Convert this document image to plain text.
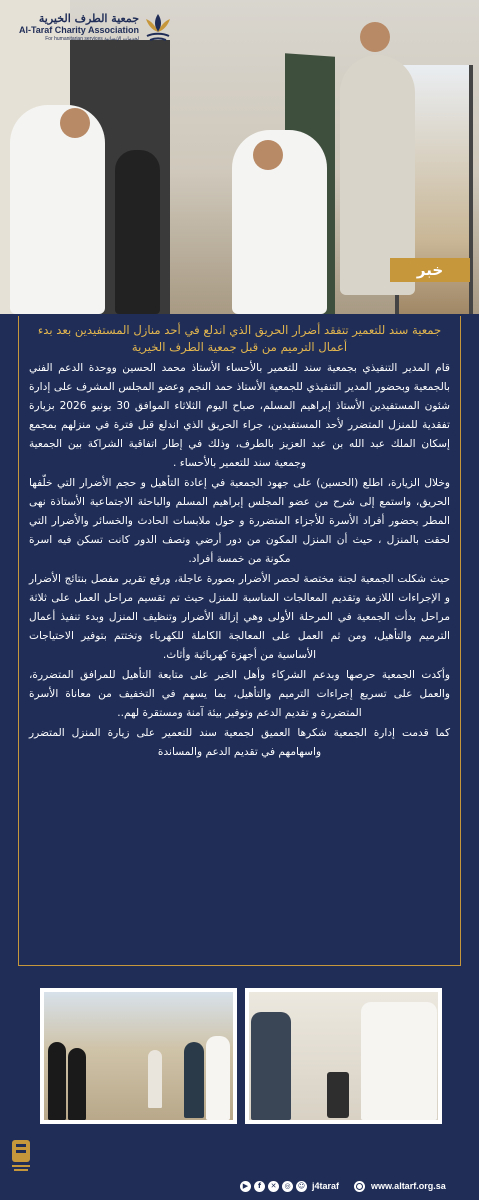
جمعية الطرف الخيرية
Al-Taraf Charity Association
For humanitarian services لخدمات الإنسانية
خبر
جمعية سند للتعمير تتفقد أضرار الحريق الذي اندلع في أحد منازل المستفيدين بعد بدء أعمال الترميم من قبل جمعية الطرف الخيرية

قام المدير التنفيذي بجمعية سند للتعمير بالأحساء الأستاذ محمد الحسين ووحدة الدعم الفني بالجمعية وبحضور المدير التنفيذي للجمعية الأستاذ حمد النجم وعضو المجلس المشرف على إدارة شئون المستفيدين الأستاذ إبراهيم المسلم، صباح اليوم الثلاثاء الموافق 30 يونيو 2026 بزيارة تفقدية للمنزل المتضرر لأحد المستفيدين، جراء الحريق الذي اندلع قبل فترة في منزلهم بمجمع إسكان الملك عبد الله بن عبد العزيز بالطرف، وذلك في إطار اتفاقية الشراكة بين الجمعية وجمعية سند للتعمير بالأحساء .

وخلال الزيارة، اطلع (الحسين) على جهود الجمعية في إعادة التأهيل و حجم الأضرار التي خلّفها الحريق، واستمع إلى شرح من عضو المجلس إبراهيم المسلم والباحثة الاجتماعية الأستاذة نهى المطر بحضور أفراد الأسرة للأجزاء المتضررة و حول ملابسات الحادث والخسائر والأضرار التي لحقت بالمنزل ، حيث أن المنزل المكون من دور أرضي ونصف الدور كانت تسكن فيه اسرة مكونة من خمسة أفراد.

حيث شكلت الجمعية لجنة مختصة لحصر الأضرار بصورة عاجلة، ورفع تقرير مفصل بنتائج الأضرار و الإجراءات اللازمة وتقديم المعالجات المناسبة للمنزل حيث تم تقسيم مراحل العمل على ثلاثة مراحل بدأت الجمعية في المرحلة الأولى وهي إزالة الأضرار وتنظيف المنزل وبدء تنفيذ أعمال الترميم والتأهيل، ومن ثم العمل على المعالجة الكاملة للكهرباء وتختتم بتوفير الاحتياجات الأساسية من أجهزة كهربائية وأثاث.

وأكدت الجمعية حرصها وبدعم الشركاء وأهل الخير على متابعة التأهيل للمرافق المتضررة، والعمل على تسريع إجراءات الترميم والتأهيل، بما يسهم في التخفيف من معاناة الأسرة المتضررة و تقديم الدعم وتوفير بيئة آمنة ومستقرة لهم..

كما قدمت إدارة الجمعية شكرها العميق لجمعية سند للتعمير على زيارة المنزل المتضرر واسهامهم في تقديم الدعم والمساندة

▶	f	✕	◎	☺ j4taraf	www.altarf.org.sa
